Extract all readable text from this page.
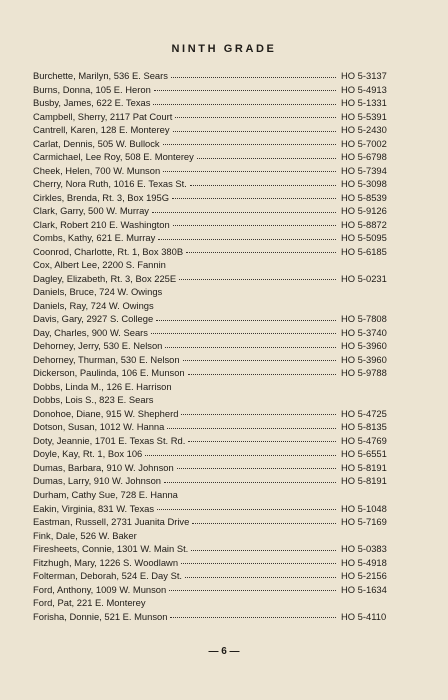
NINTH GRADE
Burchette, Marilyn, 536 E. Sears	HO 5-3137
Burns, Donna, 105 E. Heron	HO 5-4913
Busby, James, 622 E. Texas	HO 5-1331
Campbell, Sherry, 2117 Pat Court	HO 5-5391
Cantrell, Karen, 128 E. Monterey	HO 5-2430
Carlat, Dennis, 505 W. Bullock	HO 5-7002
Carmichael, Lee Roy, 508 E. Monterey	HO 5-6798
Cheek, Helen, 700 W. Munson	HO 5-7394
Cherry, Nora Ruth, 1016 E. Texas St.	HO 5-3098
Cirkles, Brenda, Rt. 3, Box 195G	HO 5-8539
Clark, Garry, 500 W. Murray	HO 5-9126
Clark, Robert 210 E. Washington	HO 5-8872
Combs, Kathy, 621 E. Murray	HO 5-5095
Coonrod, Charlotte, Rt. 1, Box 380B	HO 5-6185
Cox, Albert Lee, 2200 S. Fannin
Dagley, Elizabeth, Rt. 3, Box 225E	HO 5-0231
Daniels, Bruce, 724 W. Owings
Daniels, Ray, 724 W. Owings
Davis, Gary, 2927 S. College	HO 5-7808
Day, Charles, 900 W. Sears	HO 5-3740
Dehorney, Jerry, 530 E. Nelson	HO 5-3960
Dehorney, Thurman, 530 E. Nelson	HO 5-3960
Dickerson, Paulinda, 106 E. Munson	HO 5-9788
Dobbs, Linda M., 126 E. Harrison
Dobbs, Lois S., 823 E. Sears
Donohoe, Diane, 915 W. Shepherd	HO 5-4725
Dotson, Susan, 1012 W. Hanna	HO 5-8135
Doty, Jeannie, 1701 E. Texas St. Rd.	HO 5-4769
Doyle, Kay, Rt. 1, Box 106	HO 5-6551
Dumas, Barbara, 910 W. Johnson	HO 5-8191
Dumas, Larry, 910 W. Johnson	HO 5-8191
Durham, Cathy Sue, 728 E. Hanna
Eakin, Virginia, 831 W. Texas	HO 5-1048
Eastman, Russell, 2731 Juanita Drive	HO 5-7169
Fink, Dale, 526 W. Baker
Firesheets, Connie, 1301 W. Main St.	HO 5-0383
Fitzhugh, Mary, 1226 S. Woodlawn	HO 5-4918
Folterman, Deborah, 524 E. Day St.	HO 5-2156
Ford, Anthony, 1009 W. Munson	HO 5-1634
Ford, Pat, 221 E. Monterey
Forisha, Donnie, 521 E. Munson	HO 5-4110
— 6 —
